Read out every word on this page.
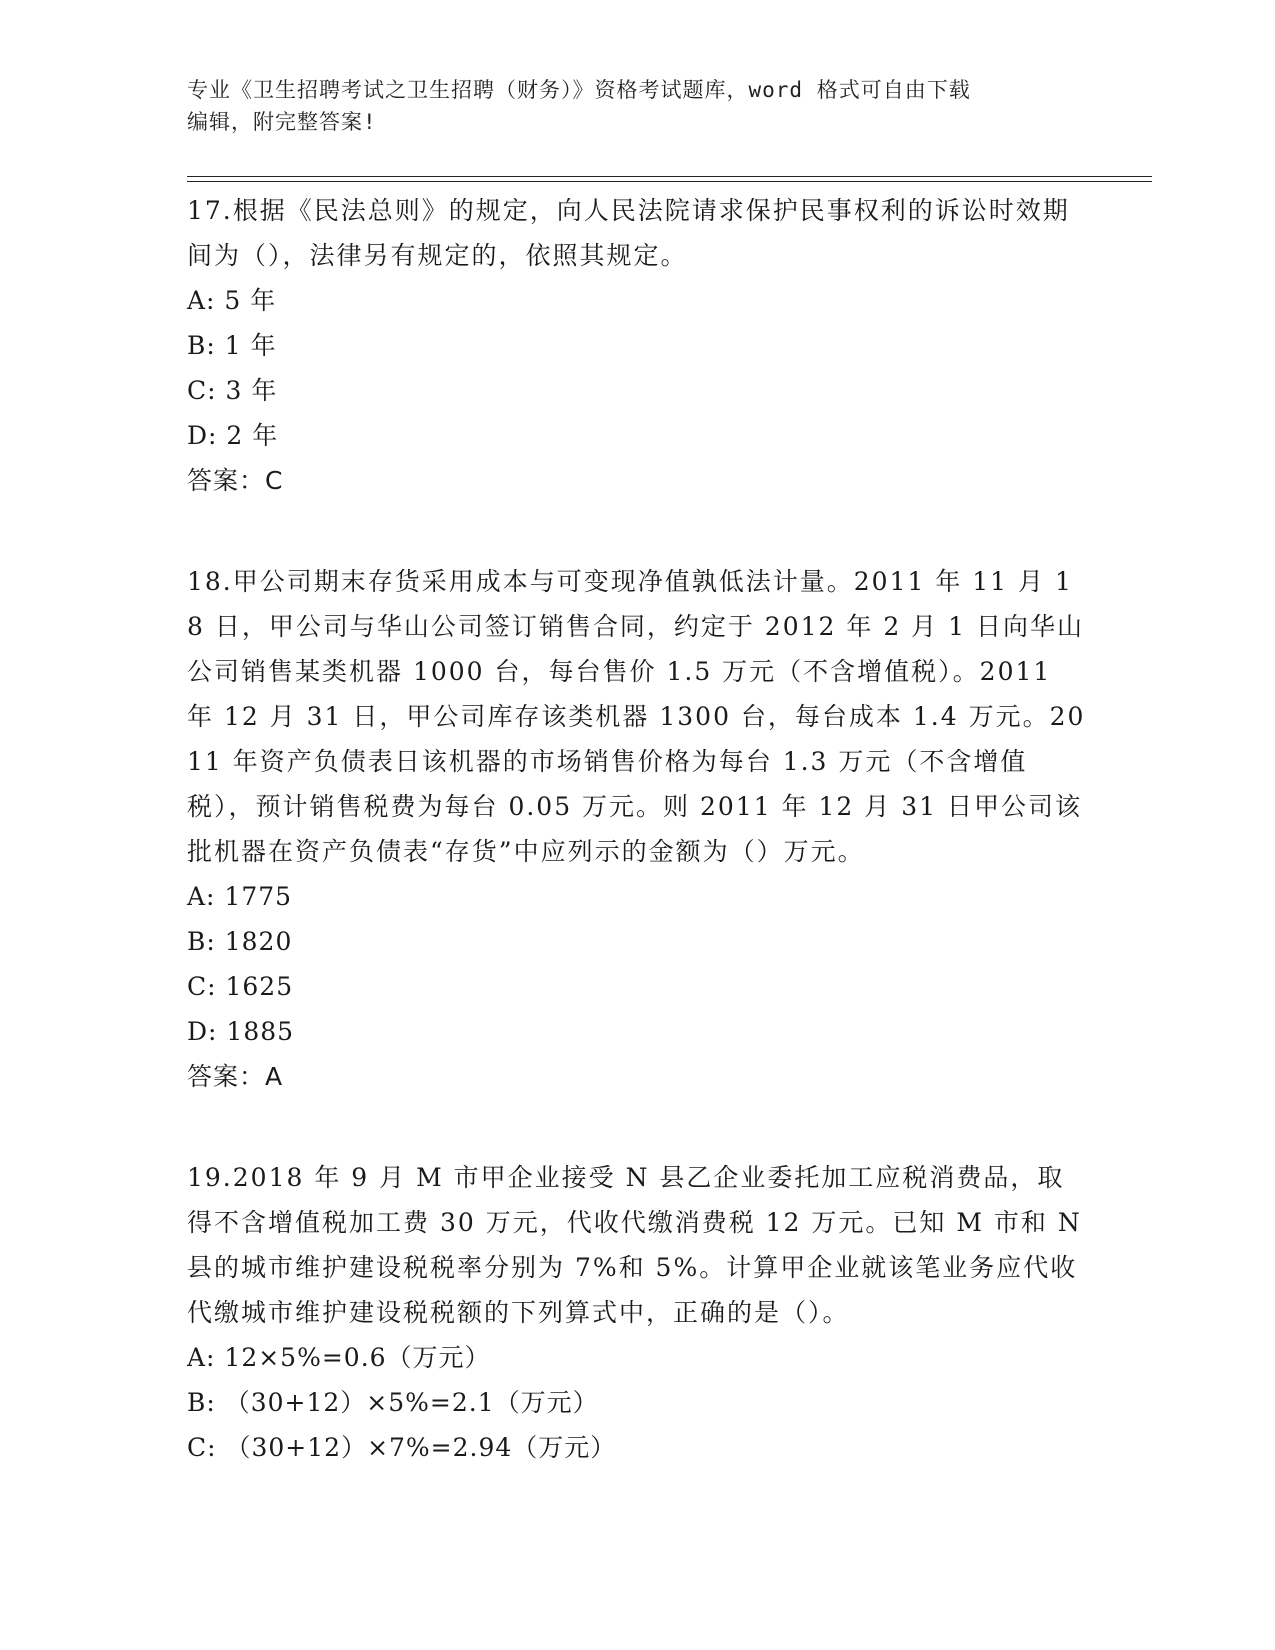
专业《卫生招聘考试之卫生招聘（财务）》资格考试题库，word 格式可自由下载
编辑，附完整答案!

17.根据《民法总则》的规定，向人民法院请求保护民事权利的诉讼时效期间为（），法律另有规定的，依照其规定。

A: 5 年

B: 1 年

C: 3 年

D: 2 年

答案：C

18.甲公司期末存货采用成本与可变现净值孰低法计量。2011 年 11 月 18 日，甲公司与华山公司签订销售合同，约定于 2012 年 2 月 1 日向华山公司销售某类机器 1000 台，每台售价 1.5 万元（不含增值税）。2011 年 12 月 31 日，甲公司库存该类机器 1300 台，每台成本 1.4 万元。2011 年资产负债表日该机器的市场销售价格为每台 1.3 万元（不含增值税），预计销售税费为每台 0.05 万元。则 2011 年 12 月 31 日甲公司该批机器在资产负债表“存货”中应列示的金额为（）万元。

A: 1775

B: 1820

C: 1625

D: 1885

答案：A

19.2018 年 9 月 M 市甲企业接受 N 县乙企业委托加工应税消费品，取得不含增值税加工费 30 万元，代收代缴消费税 12 万元。已知 M 市和 N 县的城市维护建设税税率分别为 7%和 5%。计算甲企业就该笔业务应代收代缴城市维护建设税税额的下列算式中，正确的是（）。

A: 12×5%=0.6（万元）

B: （30+12）×5%=2.1（万元）

C: （30+12）×7%=2.94（万元）
